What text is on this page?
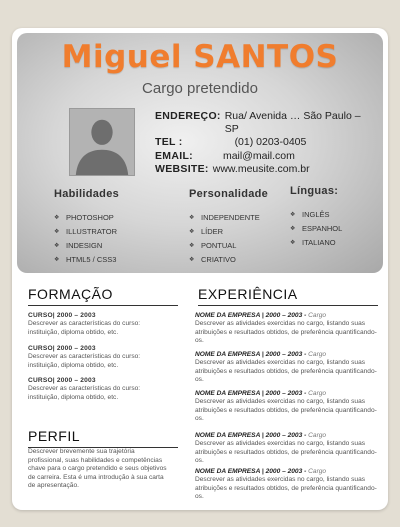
Miguel SANTOS
Cargo pretendido
ENDEREÇO: Rua/ Avenida … São Paulo – SP
TEL :	(01) 0203-0405
EMAIL:	mail@mail.com
WEBSITE: www.meusite.com.br
Habilidades
❖ PHOTOSHOP
❖ ILLUSTRATOR
❖ INDESIGN
❖ HTML5 / CSS3
Personalidade
❖ INDEPENDENTE
❖ LÍDER
❖ PONTUAL
❖ CRIATIVO
Línguas:
❖ INGLÊS
❖ ESPANHOL
❖ ITALIANO
FORMAÇÃO	EXPERIÊNCIA
CURSO| 2000 – 2003
Descrever as características do curso:
instituição, diploma obtido, etc.
CURSO| 2000 – 2003
Descrever as características do curso:
instituição, diploma obtido, etc.
CURSO| 2000 – 2003
Descrever as características do curso:
instituição, diploma obtido, etc.
NOME DA EMPRESA | 2000 – 2003 - Cargo
Descrever as atividades exercidas no cargo, listando suas
atribuições e resultados obtidos, de preferência quantificando-
os.
NOME DA EMPRESA | 2000 – 2003 - Cargo
Descrever as atividades exercidas no cargo, listando suas
atribuições e resultados obtidos, de preferência quantificando-
os.
NOME DA EMPRESA | 2000 – 2003 - Cargo
Descrever as atividades exercidas no cargo, listando suas
atribuições e resultados obtidos, de preferência quantificando-
os.
NOME DA EMPRESA | 2000 – 2003 - Cargo
Descrever as atividades exercidas no cargo, listando suas
atribuições e resultados obtidos, de preferência quantificando-
os.
NOME DA EMPRESA | 2000 – 2003 - Cargo
Descrever as atividades exercidas no cargo, listando suas
atribuições e resultados obtidos, de preferência quantificando-
os.
PERFIL
Descrever brevemente sua trajetória
profissional, suas habilidades e competências
chave para o cargo pretendido e seus objetivos
de carreira. Esta é uma introdução à sua carta
de apresentação.
